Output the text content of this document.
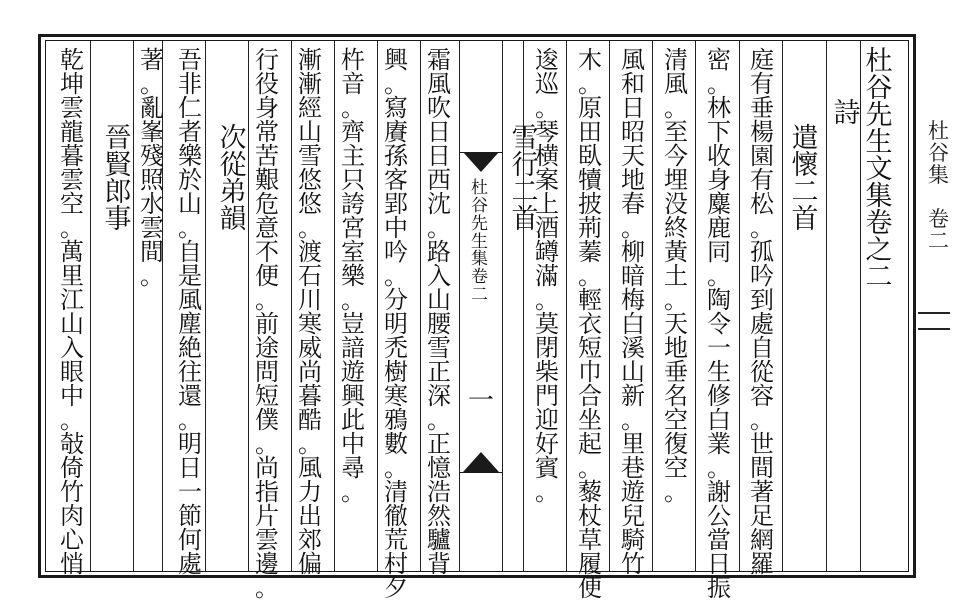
杜
谷
先
生
集
卷
二
一
杜
谷
集

卷
二
杜
谷
先
生
文
集
卷
之
二
詩
遣
懷
二
首
庭
有
垂
楊
園
有
松
。
孤
吟
到
處
自
從
容
。
世
間
著
足
網
羅
密
。
林
下
收
身
麋
鹿
同
。
陶
令
一
生
修
白
業
。
謝
公
當
日
振
清
風
。
至
今
埋
没
終
黃
土
。
天
地
垂
名
空
復
空
。
風
和
日
昭
天
地
春
。
柳
暗
梅
白
溪
山
新
。
里
巷
遊
兒
騎
竹
木
。
原
田
臥
犢
披
荊
蓁
。
輕
衣
短
巾
合
坐
起
。
藜
杖
草
履
便
逡
巡
。
琴
横
案
上
酒
罇
滿
。
莫
閉
柴
門
迎
好
賓
。
雪
行
二
首
霜
風
吹
日
日
西
沈
。
路
入
山
腰
雪
正
深
。
正
憶
浩
然
驢
背
興
。
寫
賡
孫
客
郢
中
吟
。
分
明
禿
樹
寒
鴉
數
。
清
徹
荒
村
夕
杵
音
。
齊
主
只
誇
宮
室
樂
。
豈
諳
遊
興
此
中
尋
。
漸
漸
經
山
雪
悠
悠
。
渡
石
川
寒
威
尚
暮
酷
。
風
力
出
郊
偏
行
役
身
常
苦
艱
危
意
不
便
。
前
途
問
短
僕
。
尚
指
片
雲
邊
。
次
從
弟
韻
吾
非
仁
者
樂
於
山
。
自
是
風
塵
絶
往
還
。
明
日
一
節
何
處
著
。
亂
峯
殘
照
水
雲
間
。
晉
賢
郎
事
乾
坤
雲
龍
暮
雲
空
。
萬
里
江
山
入
眼
中
。
敧
倚
竹
肉
心
悄
